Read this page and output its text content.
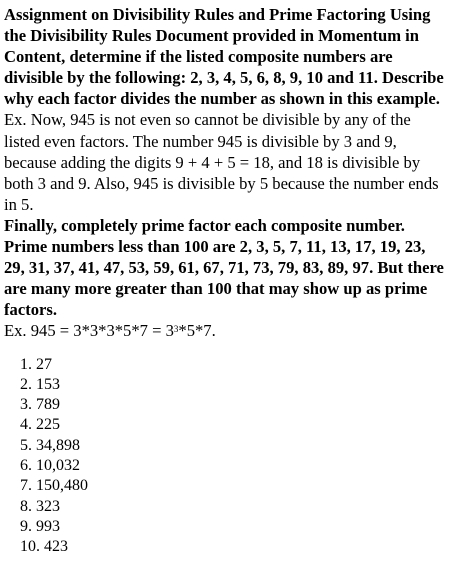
Assignment on Divisibility Rules and Prime Factoring Using the Divisibility Rules Document provided in Momentum in Content, determine if the listed composite numbers are divisible by the following: 2, 3, 4, 5, 6, 8, 9, 10 and 11. Describe why each factor divides the number as shown in this example.

Ex. Now, 945 is not even so cannot be divisible by any of the listed even factors. The number 945 is divisible by 3 and 9, because adding the digits 9 + 4 + 5 = 18, and 18 is divisible by both 3 and 9. Also, 945 is divisible by 5 because the number ends in 5.

Finally, completely prime factor each composite number. Prime numbers less than 100 are 2, 3, 5, 7, 11, 13, 17, 19, 23, 29, 31, 37, 41, 47, 53, 59, 61, 67, 71, 73, 79, 83, 89, 97. But there are many more greater than 100 that may show up as prime factors.

Ex. $945 = 3*3*3*5*7 = 3^3*5*7$.

1. 27
2. 153
3. 789
4. 225
5. 34,898
6. 10,032
7. 150,480
8. 323
9. 993
10. 423
